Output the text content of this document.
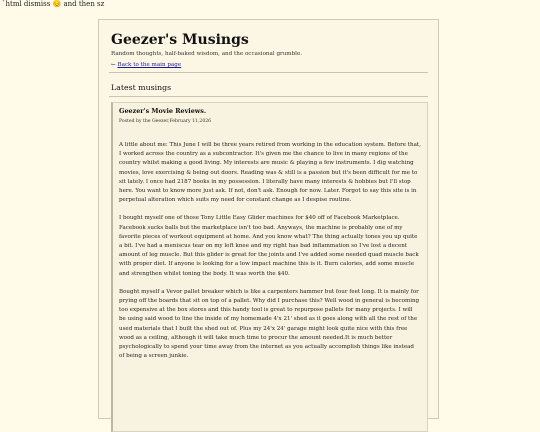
`html dismiss 😔 and then sz
Geezer's Musings
Random thoughts, half-baked wisdom, and the occasional grumble.
← Back to the main page
Latest musings
Geezer's Movie Reviews.
Posted by the Geezer,February 11,2026

A little about me: This June I will be three years retired from working in the education system. Before that, I worked across the country as a subcontractor. It's given me the chance to live in many regions of the country whilst making a good living. My interests are music & playing a few instruments. I dig watching movies, love exercising & being out doors. Reading was & still is a passion but it's been difficult for me to sit lately. I once had 2187 books in my possession. I literally have many interests & hobbies but I'll stop here. You want to know more just ask. If not, don't ask. Enough for now. Later. Forgot to say this site is in perpetual alteration which suits my need for constant change as I despise routine.

I bought myself one of those Tony Little Easy Glider machines for $40 off of Facebook Marketplace. Facebook sucks balls but the marketplace isn't too bad. Anyways, the machine is probably one of my favorite pieces of workout equipment at home. And you know what? The thing actually tones you up quite a bit. I've had a meniscus tear on my left knee and my right has bad inflammation so I've lost a decent amount of leg muscle. But this glider is great for the joints and I've added some needed quad muscle back with proper diet. If anyone is looking for a low impact machine this is it. Burn calories, add some muscle and strengthen whilst toning the body. It was worth the $40.

Bought myself a Vevor pallet breaker which is like a carpenters hammer but four feet long. It is mainly for prying off the boards that sit on top of a pallet. Why did I purchase this? Well wood in general is becoming too expensive at the box stores and this handy tool is great to repurpose pallets for many projects. I will be using said wood to line the inside of my homemade 4'x 21' shed as it goes along with all the rest of the used materials that I built the shed out of. Plus my 24'x 24' garage might look quite nice with this free wood as a ceiling, although it will take much time to procur the amount needed.It is much better psychologically to spend your time away from the internet as you actually accomplish things like instead of being a screen junkie.
